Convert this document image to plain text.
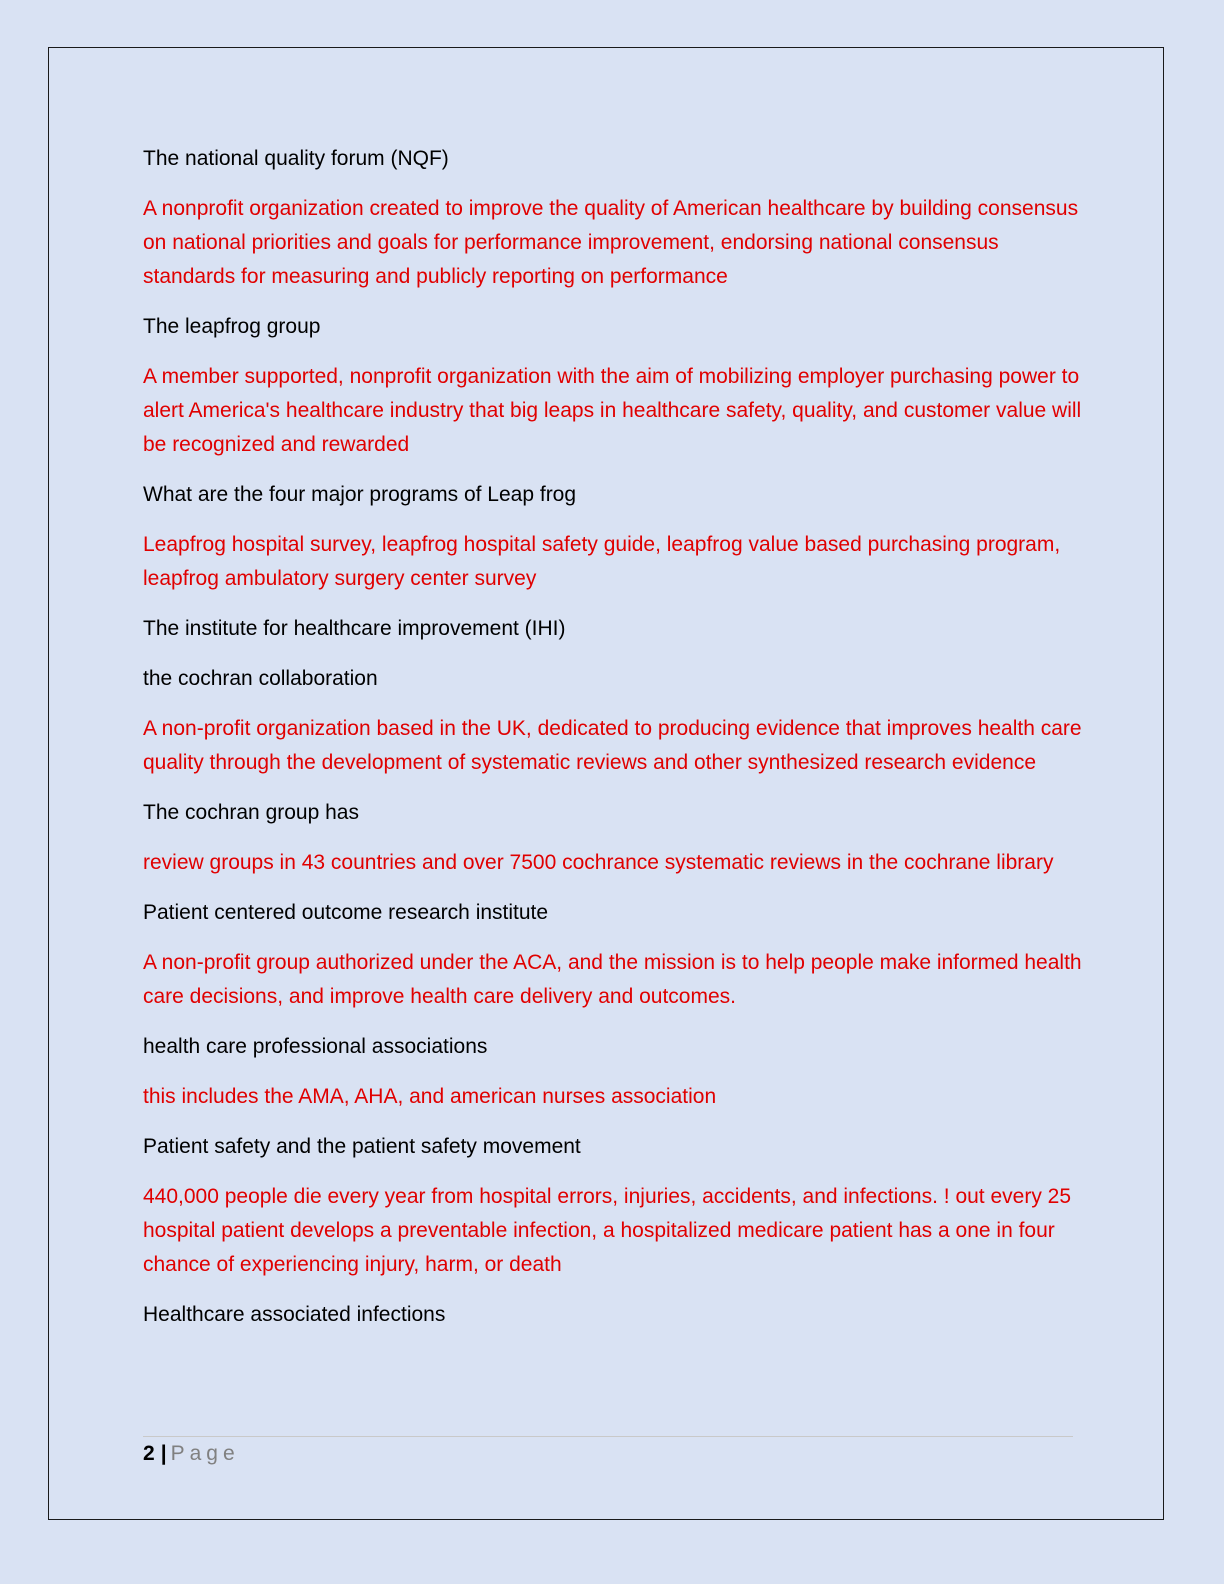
The national quality forum (NQF)

A nonprofit organization created to improve the quality of American healthcare by building consensus on national priorities and goals for performance improvement, endorsing national consensus standards for measuring and publicly reporting on performance

The leapfrog group

A member supported, nonprofit organization with the aim of mobilizing employer purchasing power to alert America's healthcare industry that big leaps in healthcare safety, quality, and customer value will be recognized and rewarded

What are the four major programs of Leap frog

Leapfrog hospital survey, leapfrog hospital safety guide, leapfrog value based purchasing program, leapfrog ambulatory surgery center survey

The institute for healthcare improvement (IHI)

the cochran collaboration

A non-profit organization based in the UK, dedicated to producing evidence that improves health care quality through the development of systematic reviews and other synthesized research evidence

The cochran group has

review groups in 43 countries and over 7500 cochrance systematic reviews in the cochrane library

Patient centered outcome research institute

A non-profit group authorized under the ACA, and the mission is to help people make informed health care decisions, and improve health care delivery and outcomes.

health care professional associations

this includes the AMA, AHA, and american nurses association

Patient safety and the patient safety movement

440,000 people die every year from hospital errors, injuries, accidents, and infections. ! out every 25 hospital patient develops a preventable infection, a hospitalized medicare patient has a one in four chance of experiencing injury, harm, or death

Healthcare associated infections

2 | Page
